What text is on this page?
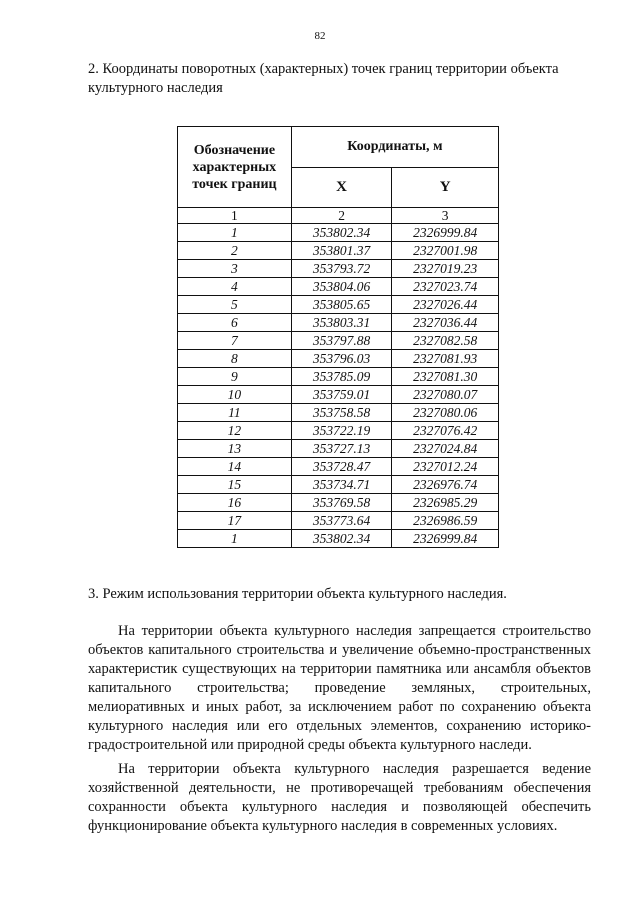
82

2. Координаты поворотных (характерных) точек границ территории объекта культурного наследия

Обозначение характерных точек границ	Координаты, м	
	X	Y
1	2	3
1	353802.34	2326999.84
2	353801.37	2327001.98
3	353793.72	2327019.23
4	353804.06	2327023.74
5	353805.65	2327026.44
6	353803.31	2327036.44
7	353797.88	2327082.58
8	353796.03	2327081.93
9	353785.09	2327081.30
10	353759.01	2327080.07
11	353758.58	2327080.06
12	353722.19	2327076.42
13	353727.13	2327024.84
14	353728.47	2327012.24
15	353734.71	2326976.74
16	353769.58	2326985.29
17	353773.64	2326986.59
1	353802.34	2326999.84

3. Режим использования территории объекта культурного наследия.

На территории объекта культурного наследия запрещается строительство объектов капитального строительства и увеличение объемно-пространственных характеристик существующих на территории памятника или ансамбля объектов капитального строительства; проведение земляных, строительных, мелиоративных и иных работ, за исключением работ по сохранению объекта культурного наследия или его отдельных элементов, сохранению историко-градостроительной или природной среды объекта культурного наследи.

На территории объекта культурного наследия разрешается ведение хозяйственной деятельности, не противоречащей требованиям обеспечения сохранности объекта культурного наследия и позволяющей обеспечить функционирование объекта культурного наследия в современных условиях.
